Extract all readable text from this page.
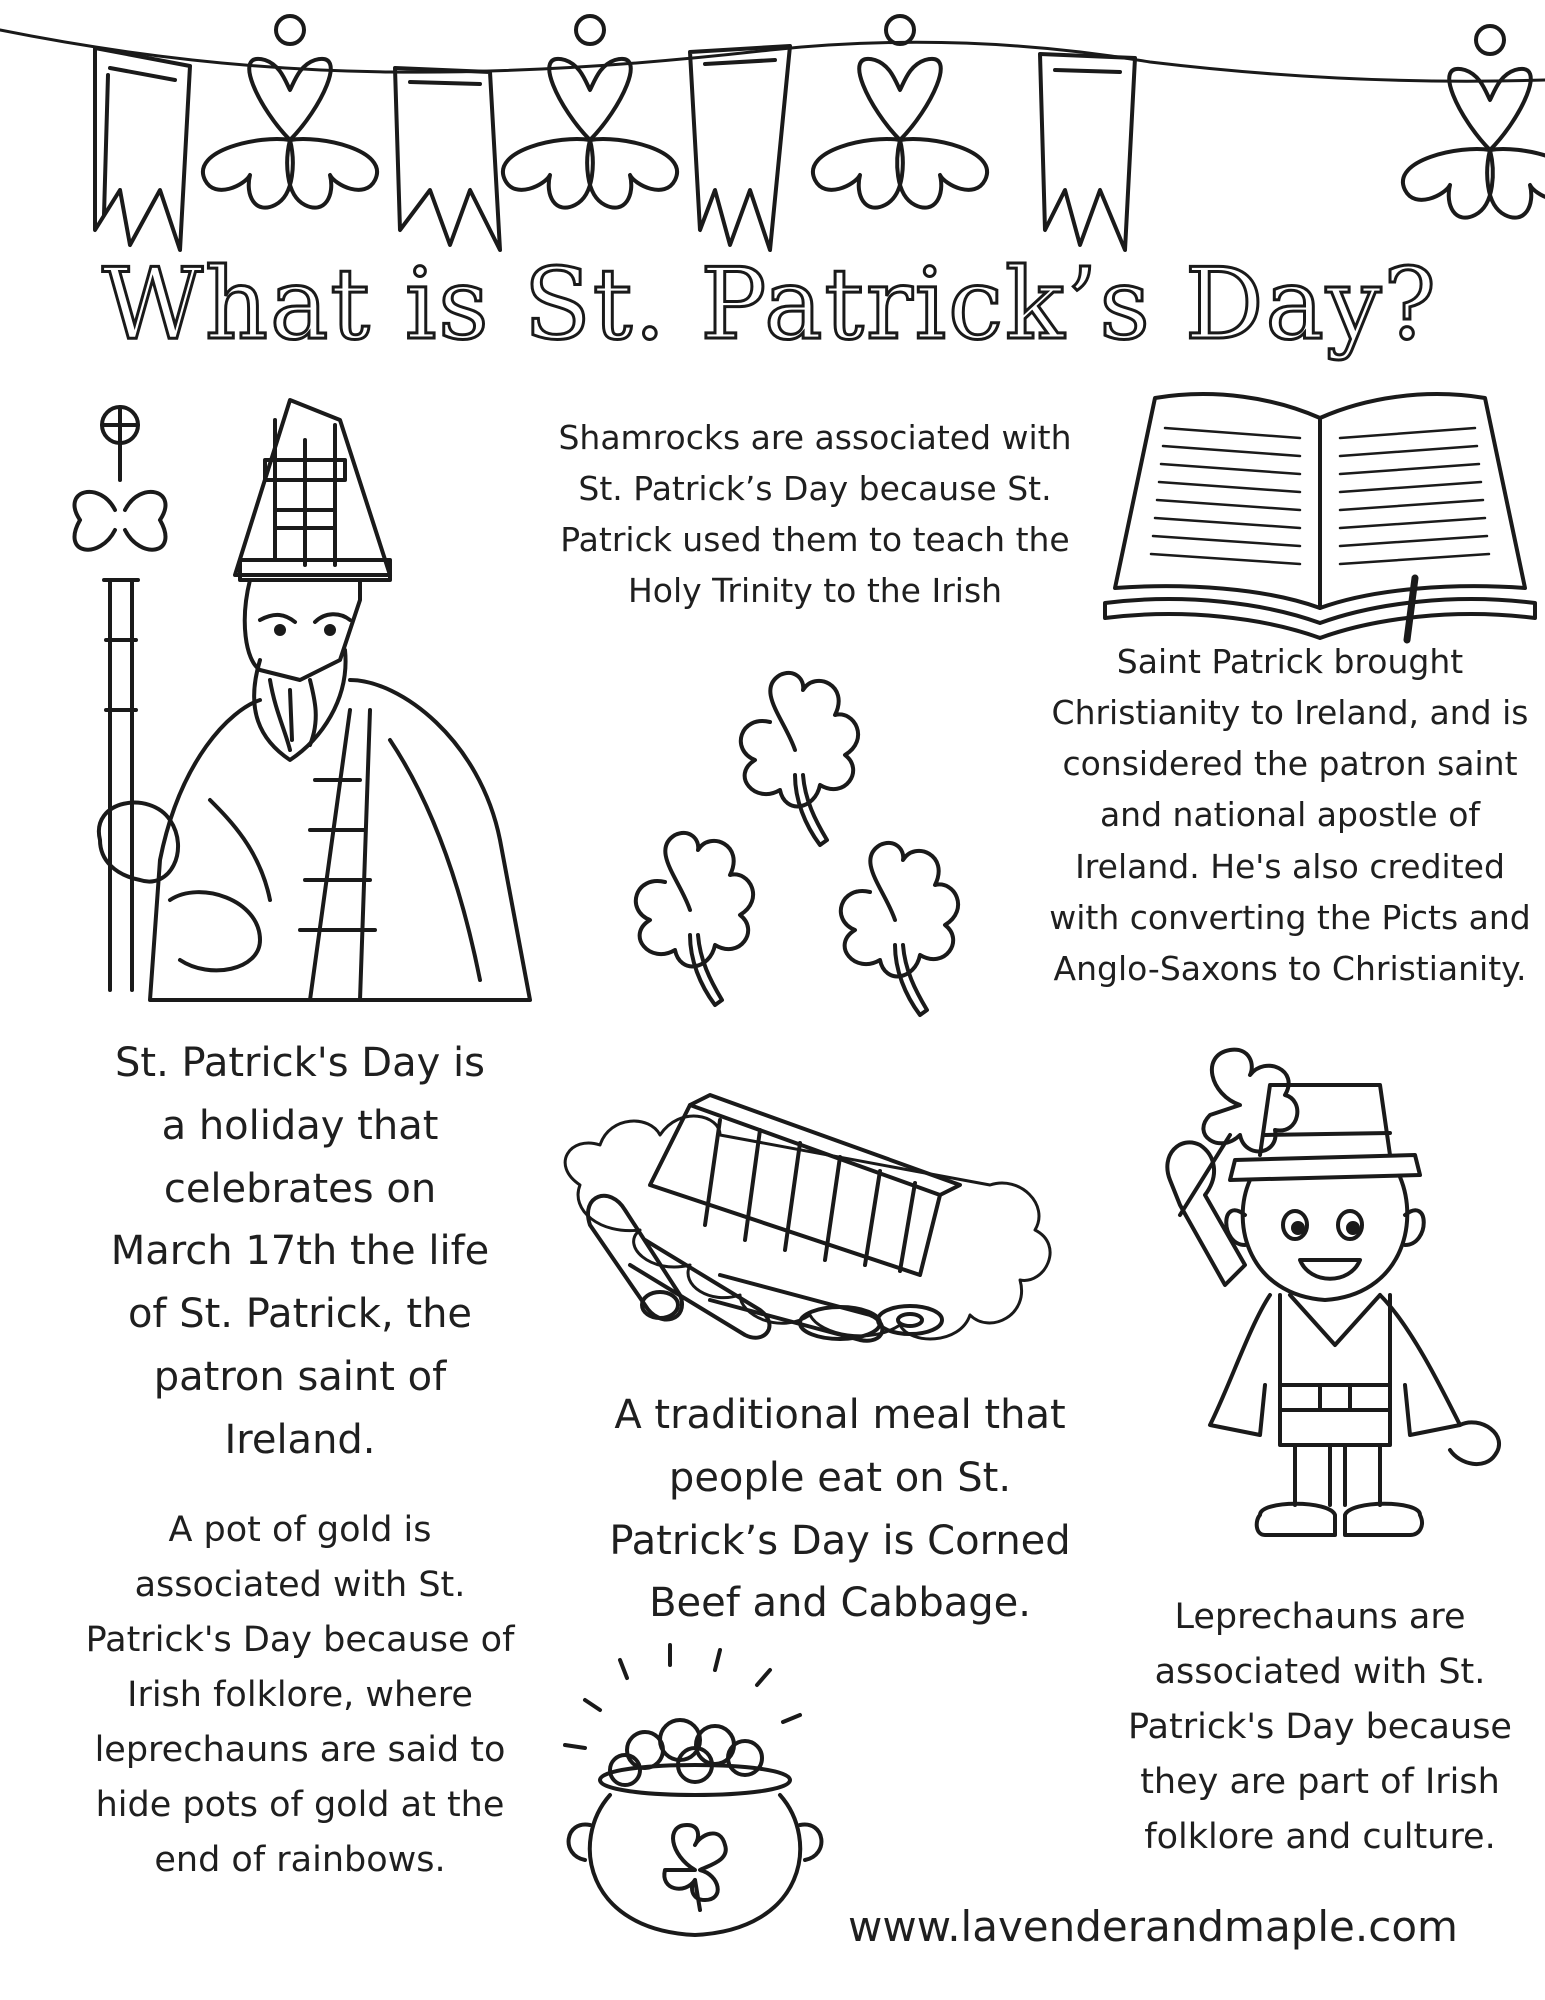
What is St. Patrick’s Day?
Shamrocks are associated with St. Patrick’s Day because St. Patrick used them to teach the Holy Trinity to the Irish
Saint Patrick brought Christianity to Ireland, and is considered the patron saint and national apostle of Ireland. He's also credited with converting the Picts and Anglo-Saxons to Christianity.
St. Patrick's Day is a holiday that celebrates on March 17th the life of St. Patrick, the patron saint of Ireland.
A traditional meal that people eat on St. Patrick’s Day is Corned Beef and Cabbage.
A pot of gold is associated with St. Patrick's Day because of Irish folklore, where leprechauns are said to hide pots of gold at the end of rainbows.
Leprechauns are associated with St. Patrick's Day because they are part of Irish folklore and culture.
www.lavenderandmaple.com
